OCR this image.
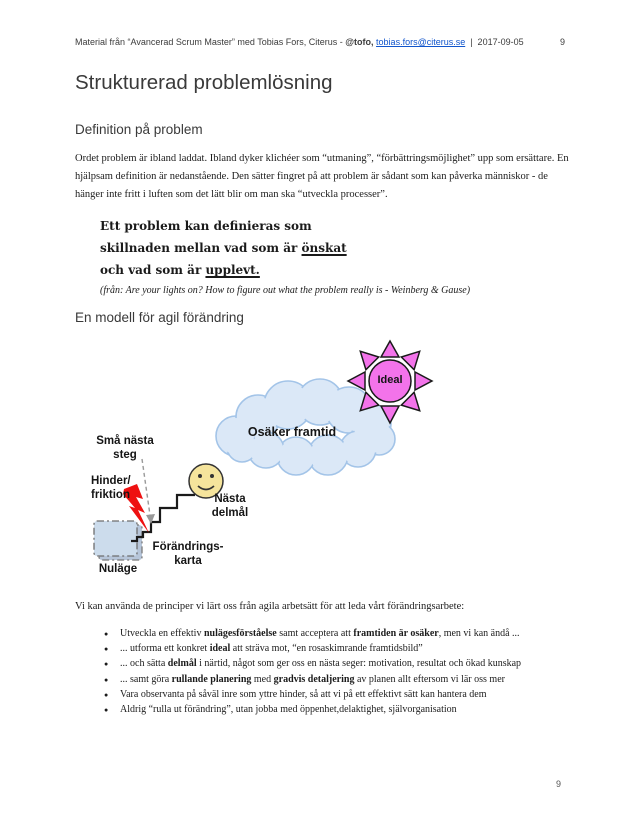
Material från “Avancerad Scrum Master” med Tobias Fors, Citerus - @tofo, tobias.fors@citerus.se  |  2017-09-05	9
Strukturerad problemlösning
Definition på problem

Ordet problem är ibland laddat. Ibland dyker klichéer som “utmaning”, “förbättringsmöjlighet” upp som ersättare. En hjälpsam definition är nedanstående. Den sätter fingret på att problem är sådant som kan påverka människor - de hänger inte fritt i luften som det lätt blir om man ska “utveckla processer”.

Ett problem kan definieras som
skillnaden mellan vad som är önskat
och vad som är upplevt.
(från: Are your lights on? How to figure out what the problem really is - Weinberg & Gause)
En modell för agil förändring
Ideal
Osäker framtid
Små nästa
steg
Hinder/
friktion	Nästa
delmål
Förändrings-
karta
Nuläge

Vi kan använda de principer vi lärt oss från agila arbetsätt för att leda vårt förändringsarbete:

● Utveckla en effektiv nulägesförståelse samt acceptera att framtiden är osäker, men vi kan ändå ...
● ... utforma ett konkret ideal att sträva mot, “en rosaskimrande framtidsbild”
● ... och sätta delmål i närtid, något som ger oss en nästa seger: motivation, resultat och ökad kunskap
● ... samt göra rullande planering med gradvis detaljering av planen allt eftersom vi lär oss mer
● Vara observanta på såväl inre som yttre hinder, så att vi på ett effektivt sätt kan hantera dem
● Aldrig “rulla ut förändring”, utan jobba med öppenhet,delaktighet, självorganisation
9
